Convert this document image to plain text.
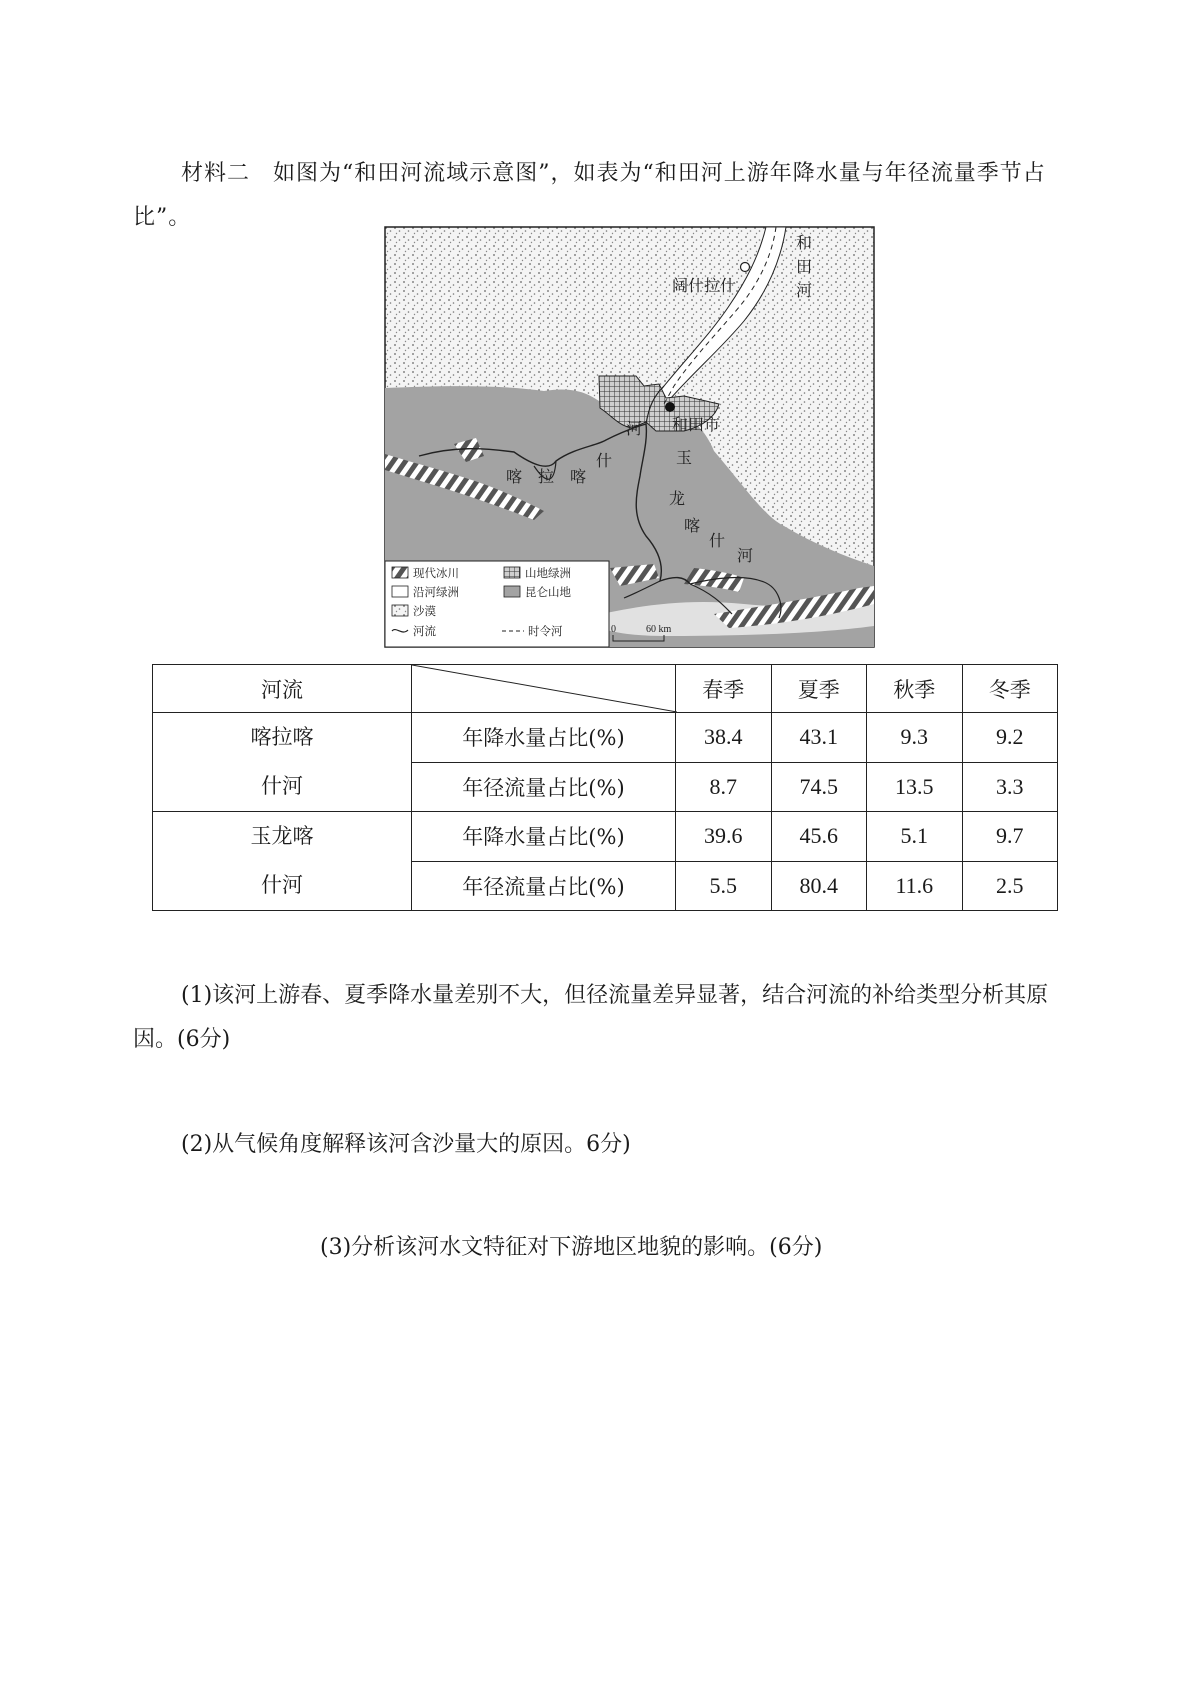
材料二　如图为“和田河流域示意图”，如表为“和田河上游年降水量与年径流量季节占比”。

和
田
河
阔什拉什
和田市
喀 拉 喀
什
河
玉
龙
喀
什
河
现代冰川	山地绿洲
沿河绿洲	昆仑山地
沙漠
河流	时令河	0	60 km
河流		春季	夏季	秋季	冬季

喀拉喀
什河	年降水量占比(%)	38.4	43.1	9.3	9.2
	年径流量占比(%)	8.7	74.5	13.5	3.3

玉龙喀
什河	年降水量占比(%)	39.6	45.6	5.1	9.7
	年径流量占比(%)	5.5	80.4	11.6	2.5

(1)该河上游春、夏季降水量差别不大，但径流量差异显著，结合河流的补给类型分析其原因。(6分)

(2)从气候角度解释该河含沙量大的原因。6分)

(3)分析该河水文特征对下游地区地貌的影响。(6分)
